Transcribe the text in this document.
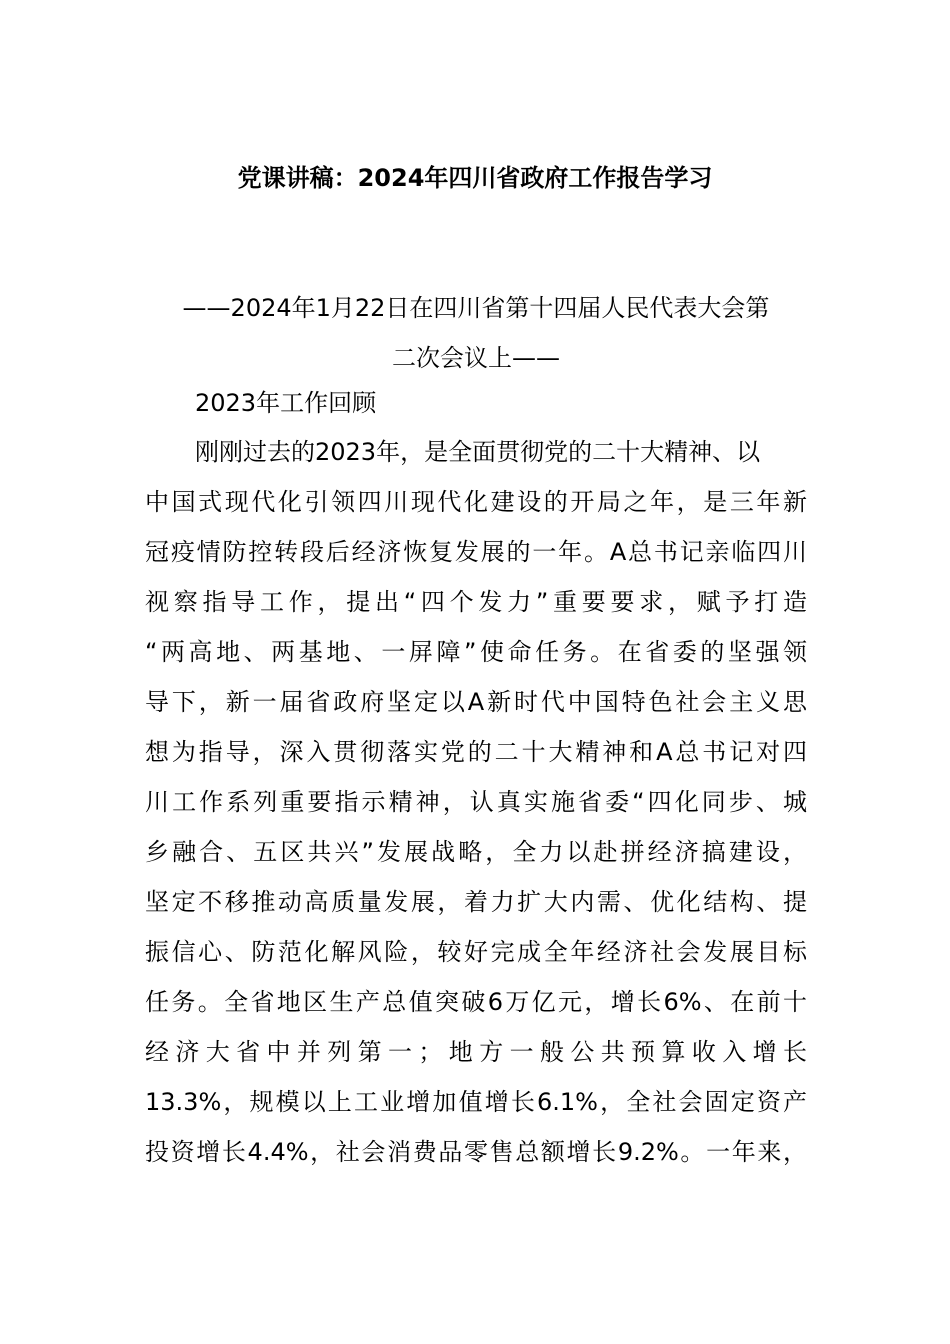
党课讲稿：2024年四川省政府工作报告学习
——2024年1月22日在四川省第十四届人民代表大会第
二次会议上——
2023年工作回顾
刚刚过去的2023年，是全面贯彻党的二十大精神、以
中国式现代化引领四川现代化建设的开局之年，是三年新
冠疫情防控转段后经济恢复发展的一年。A总书记亲临四川
视察指导工作，提出“四个发力”重要要求，赋予打造
“两高地、两基地、一屏障”使命任务。在省委的坚强领
导下，新一届省政府坚定以A新时代中国特色社会主义思
想为指导，深入贯彻落实党的二十大精神和A总书记对四
川工作系列重要指示精神，认真实施省委“四化同步、城
乡融合、五区共兴”发展战略，全力以赴拼经济搞建设，
坚定不移推动高质量发展，着力扩大内需、优化结构、提
振信心、防范化解风险，较好完成全年经济社会发展目标
任务。全省地区生产总值突破6万亿元，增长6%、在前十
经济大省中并列第一；地方一般公共预算收入增长
13.3%，规模以上工业增加值增长6.1%，全社会固定资产
投资增长4.4%，社会消费品零售总额增长9.2%。一年来，
